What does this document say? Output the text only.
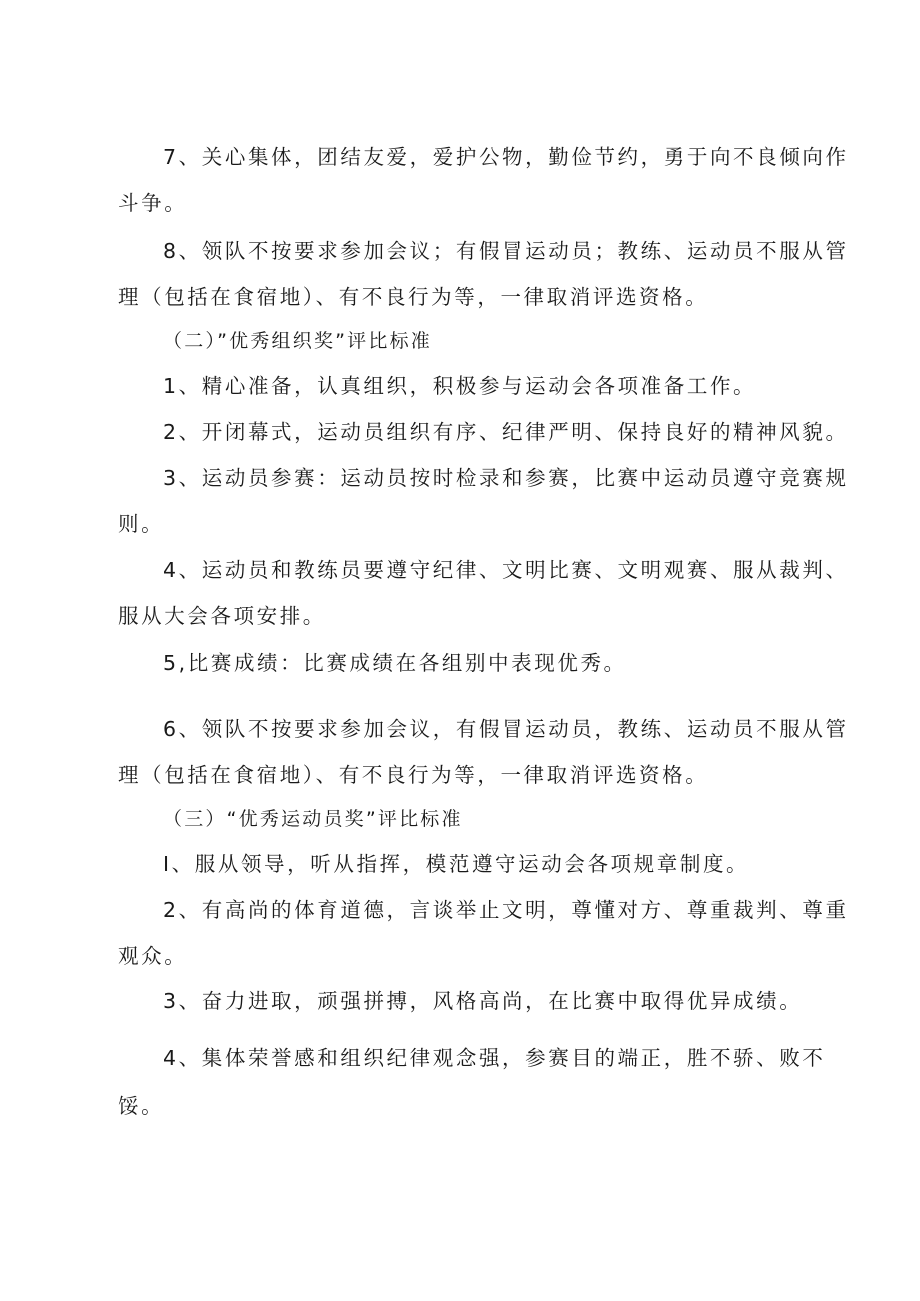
7、关心集体，团结友爱，爱护公物，勤俭节约，勇于向不良倾向作
斗争。
8、领队不按要求参加会议；有假冒运动员；教练、运动员不服从管
理（包括在食宿地）、有不良行为等，一律取消评选资格。
（二）”优秀组织奖”评比标准
1、精心准备，认真组织，积极参与运动会各项准备工作。
2、开闭幕式，运动员组织有序、纪律严明、保持良好的精神风貌。
3、运动员参赛：运动员按时检录和参赛，比赛中运动员遵守竞赛规
则。
4、运动员和教练员要遵守纪律、文明比赛、文明观赛、服从裁判、
服从大会各项安排。
5,比赛成绩：比赛成绩在各组别中表现优秀。
6、领队不按要求参加会议，有假冒运动员，教练、运动员不服从管
理（包括在食宿地）、有不良行为等，一律取消评选资格。
（三）“优秀运动员奖”评比标准
I、服从领导，听从指挥，模范遵守运动会各项规章制度。
2、有高尚的体育道德，言谈举止文明，尊懂对方、尊重裁判、尊重
观众。
3、奋力进取，顽强拼搏，风格高尚，在比赛中取得优异成绩。
4、集体荣誉感和组织纪律观念强，参赛目的端正，胜不骄、败不
馁。
